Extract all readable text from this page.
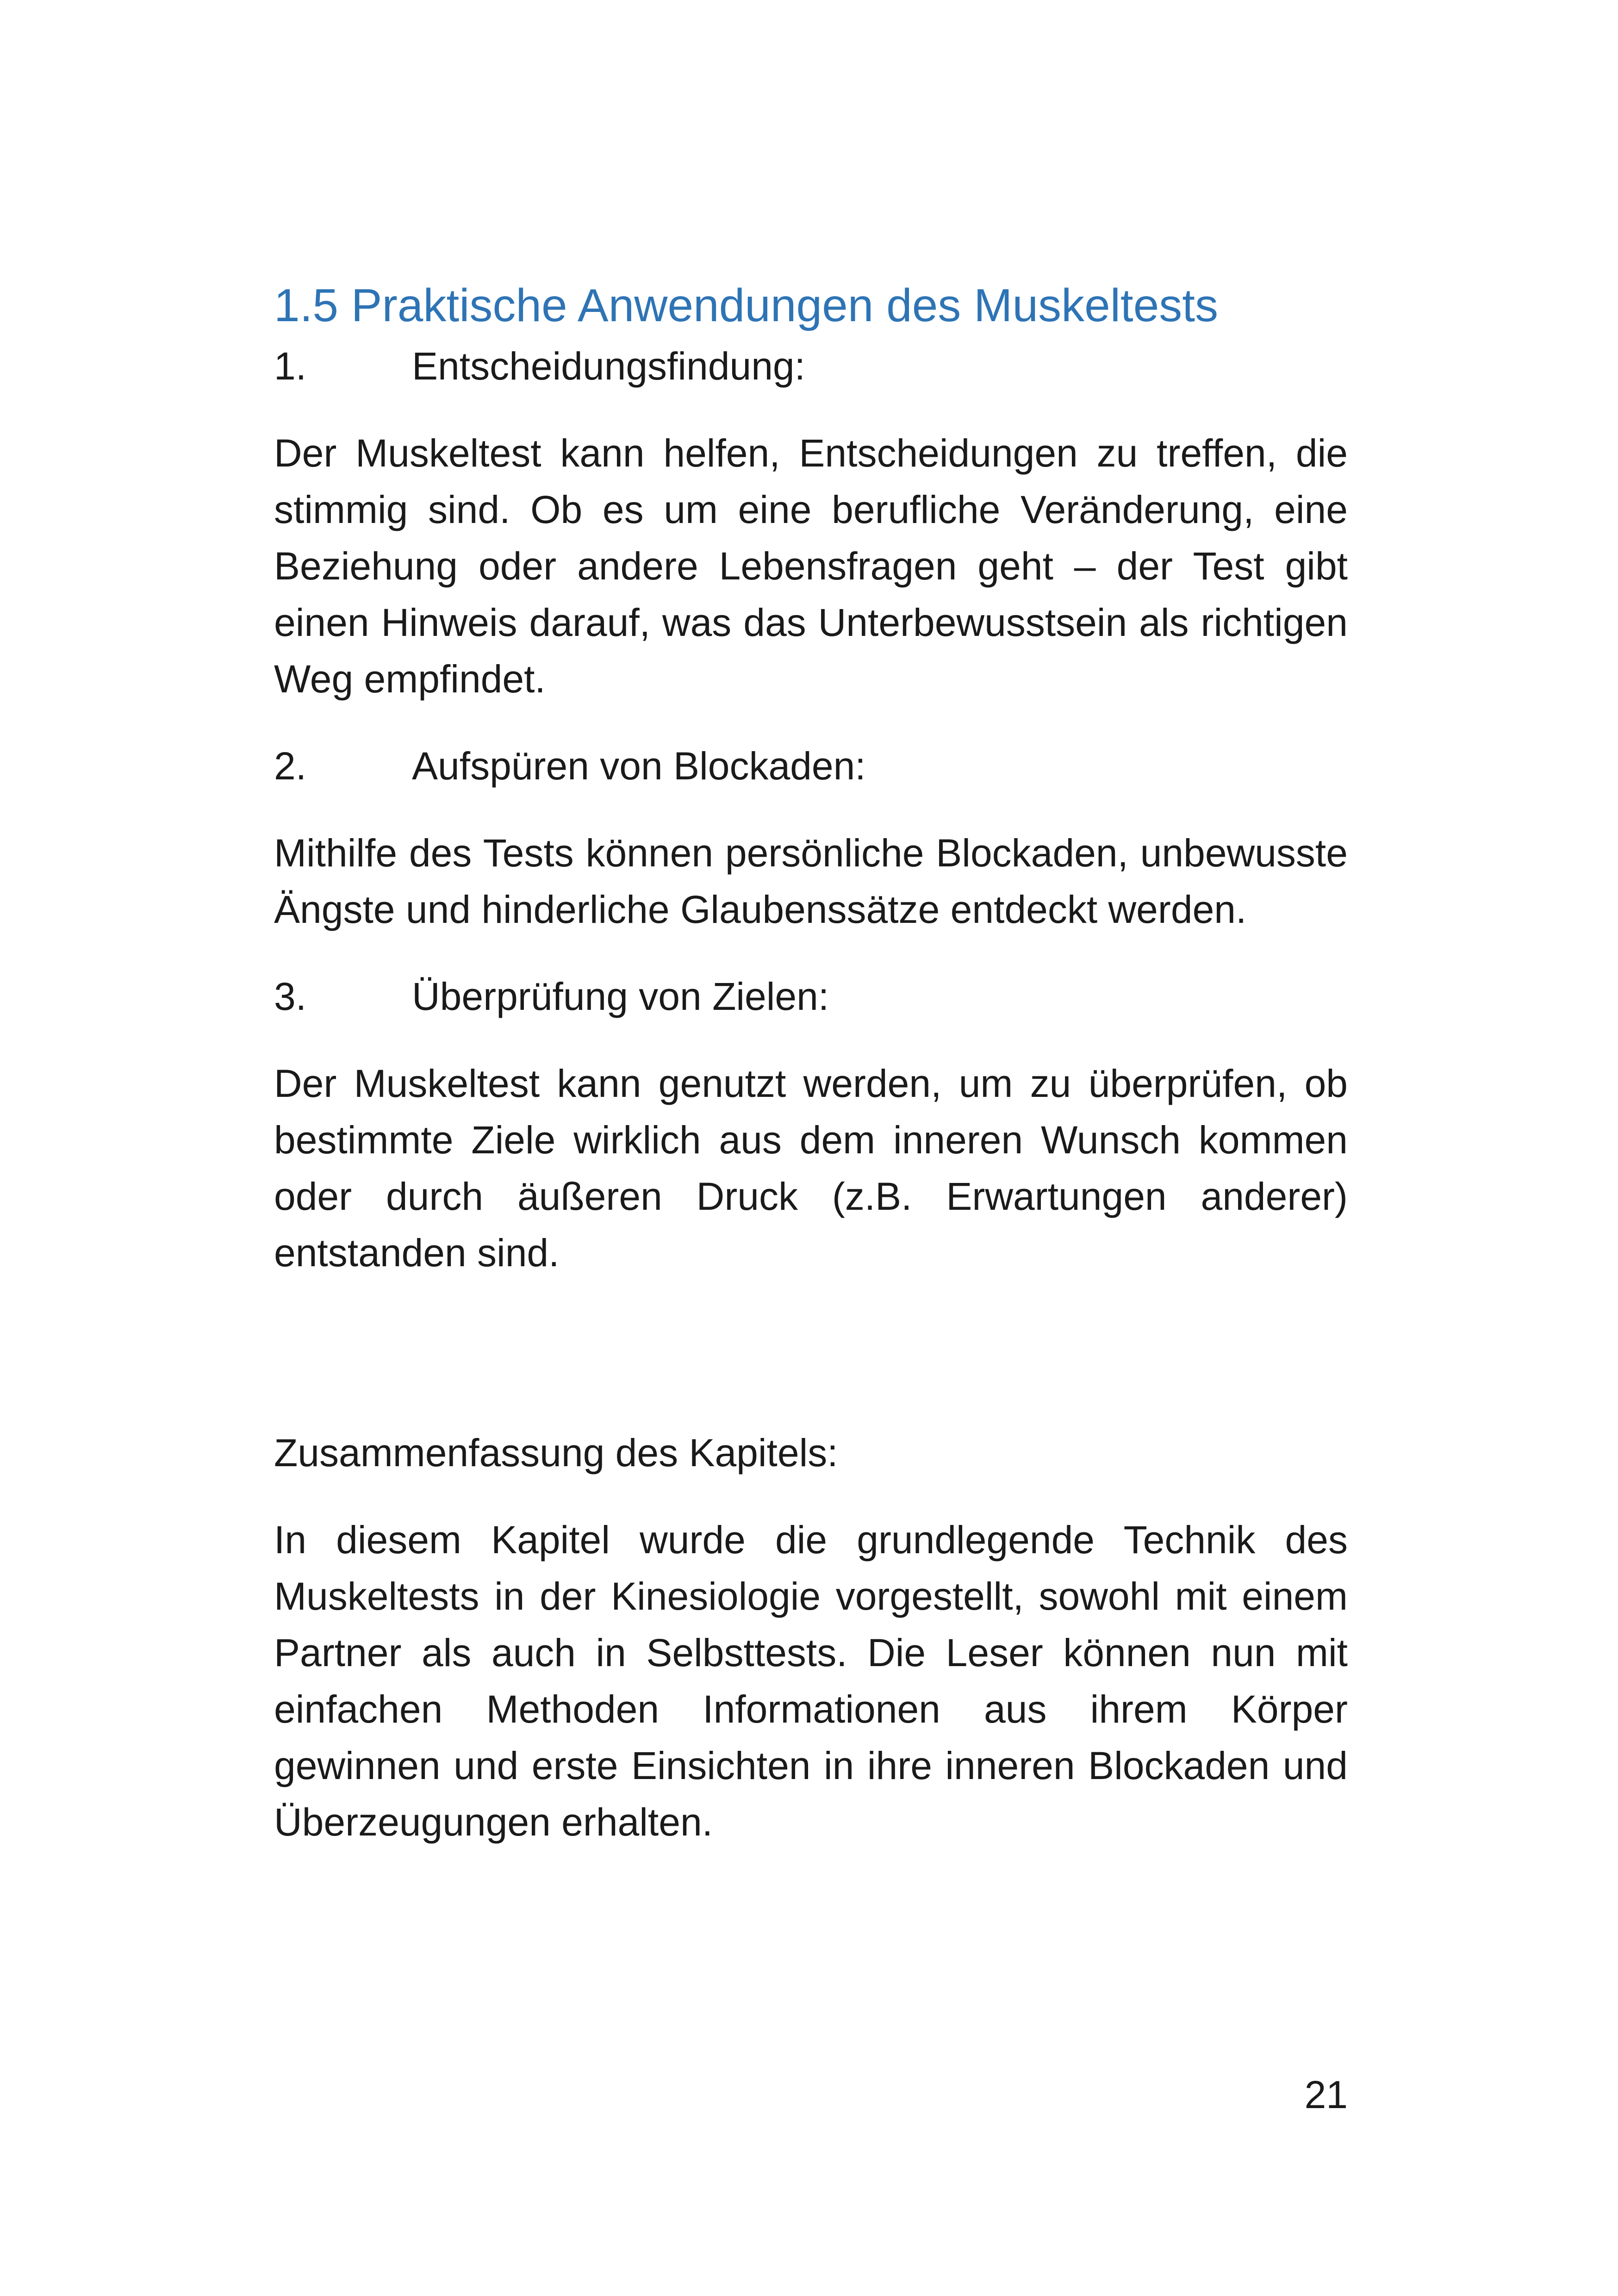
1.5 Praktische Anwendungen des Muskeltests
1.	Entscheidungsfindung:

Der Muskeltest kann helfen, Entscheidungen zu treffen, die stimmig sind. Ob es um eine berufliche Veränderung, eine Beziehung oder andere Lebensfragen geht – der Test gibt einen Hinweis darauf, was das Unterbewusstsein als richtigen Weg empfindet.

2.	Aufspüren von Blockaden:

Mithilfe des Tests können persönliche Blockaden, unbewusste Ängste und hinderliche Glaubenssätze entdeckt werden.

3.	Überprüfung von Zielen:

Der Muskeltest kann genutzt werden, um zu überprüfen, ob bestimmte Ziele wirklich aus dem inneren Wunsch kommen oder durch äußeren Druck (z.B. Erwartungen anderer) entstanden sind.

Zusammenfassung des Kapitels:

In diesem Kapitel wurde die grundlegende Technik des Muskeltests in der Kinesiologie vorgestellt, sowohl mit einem Partner als auch in Selbsttests. Die Leser können nun mit einfachen Methoden Informationen aus ihrem Körper gewinnen und erste Einsichten in ihre inneren Blockaden und Überzeugungen erhalten.

21
